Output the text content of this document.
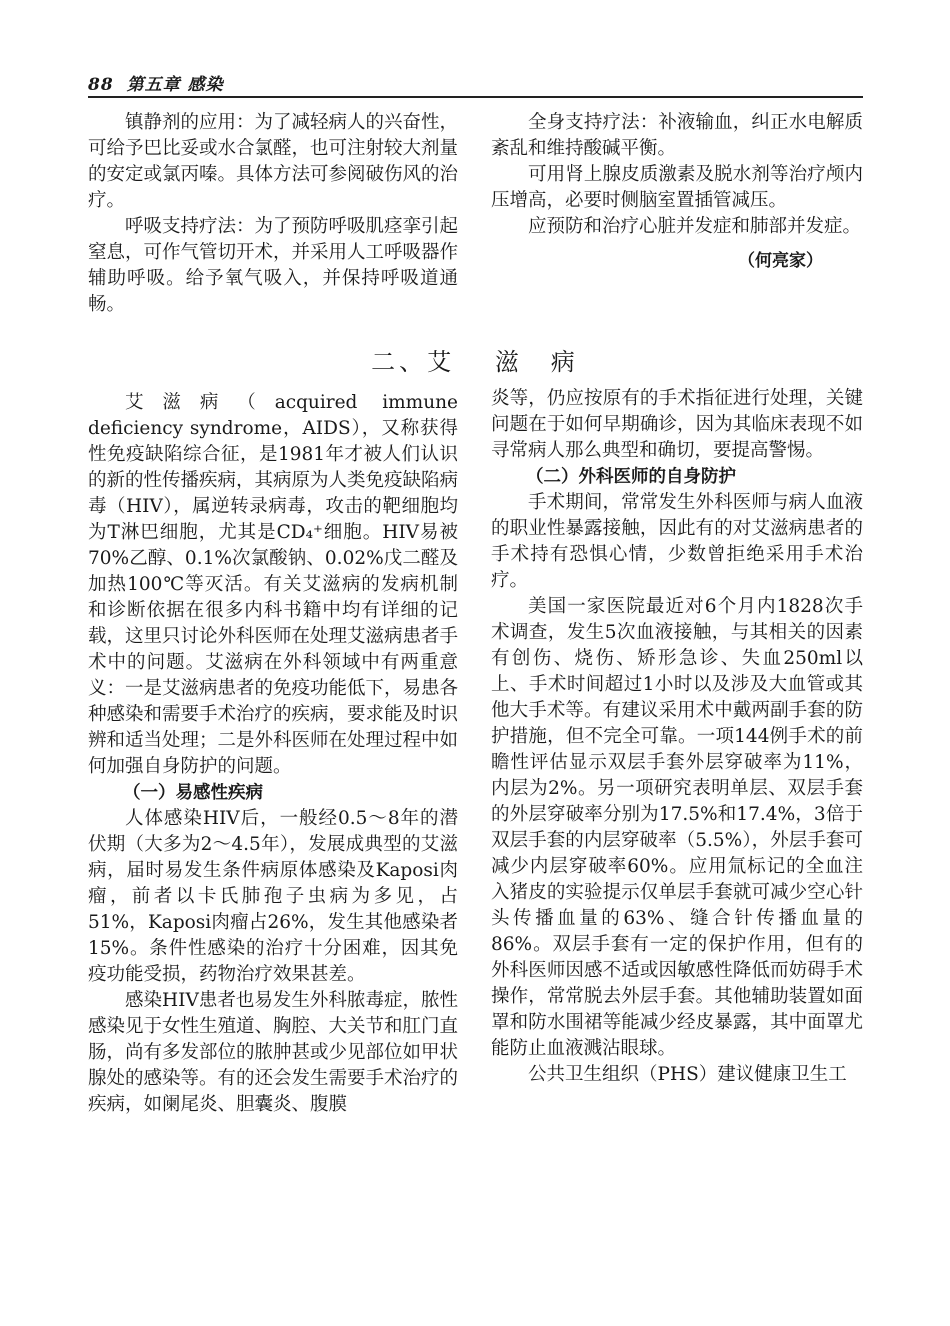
88 第五章 感染

镇静剂的应用：为了减轻病人的兴奋性，可给予巴比妥或水合氯醛，也可注射较大剂量的安定或氯丙嗪。具体方法可参阅破伤风的治疗。

呼吸支持疗法：为了预防呼吸肌痉挛引起窒息，可作气管切开术，并采用人工呼吸器作辅助呼吸。给予氧气吸入，并保持呼吸道通畅。

全身支持疗法：补液输血，纠正水电解质紊乱和维持酸碱平衡。

可用肾上腺皮质激素及脱水剂等治疗颅内压增高，必要时侧脑室置插管减压。

应预防和治疗心脏并发症和肺部并发症。

（何亮家）
二、艾 滋　病

艾滋病（acquired immune deficiency syndrome，AIDS），又称获得性免疫缺陷综合征，是1981年才被人们认识的新的性传播疾病，其病原为人类免疫缺陷病毒（HIV），属逆转录病毒，攻击的靶细胞均为T淋巴细胞，尤其是CD₄⁺细胞。HIV易被70%乙醇、0.1%次氯酸钠、0.02%戊二醛及加热100℃等灭活。有关艾滋病的发病机制和诊断依据在很多内科书籍中均有详细的记载，这里只讨论外科医师在处理艾滋病患者手术中的问题。艾滋病在外科领域中有两重意义：一是艾滋病患者的免疫功能低下，易患各种感染和需要手术治疗的疾病，要求能及时识辨和适当处理；二是外科医师在处理过程中如何加强自身防护的问题。

（一）易感性疾病

人体感染HIV后，一般经0.5～8年的潜伏期（大多为2～4.5年），发展成典型的艾滋病，届时易发生条件病原体感染及Kaposi肉瘤，前者以卡氏肺孢子虫病为多见，占51%，Kaposi肉瘤占26%，发生其他感染者15%。条件性感染的治疗十分困难，因其免疫功能受损，药物治疗效果甚差。

感染HIV患者也易发生外科脓毒症，脓性感染见于女性生殖道、胸腔、大关节和肛门直肠，尚有多发部位的脓肿甚或少见部位如甲状腺处的感染等。有的还会发生需要手术治疗的疾病，如阑尾炎、胆囊炎、腹膜

炎等，仍应按原有的手术指征进行处理，关键问题在于如何早期确诊，因为其临床表现不如寻常病人那么典型和确切，要提高警惕。

（二）外科医师的自身防护

手术期间，常常发生外科医师与病人血液的职业性暴露接触，因此有的对艾滋病患者的手术持有恐惧心情，少数曾拒绝采用手术治疗。

美国一家医院最近对6个月内1828次手术调查，发生5次血液接触，与其相关的因素有创伤、烧伤、矫形急诊、失血250ml以上、手术时间超过1小时以及涉及大血管或其他大手术等。有建议采用术中戴两副手套的防护措施，但不完全可靠。一项144例手术的前瞻性评估显示双层手套外层穿破率为11%，内层为2%。另一项研究表明单层、双层手套的外层穿破率分别为17.5%和17.4%，3倍于双层手套的内层穿破率（5.5%），外层手套可减少内层穿破率60%。应用氚标记的全血注入猪皮的实验提示仅单层手套就可减少空心针头传播血量的63%、缝合针传播血量的86%。双层手套有一定的保护作用，但有的外科医师因感不适或因敏感性降低而妨碍手术操作，常常脱去外层手套。其他辅助装置如面罩和防水围裙等能减少经皮暴露，其中面罩尤能防止血液溅沾眼球。

公共卫生组织（PHS）建议健康卫生工
